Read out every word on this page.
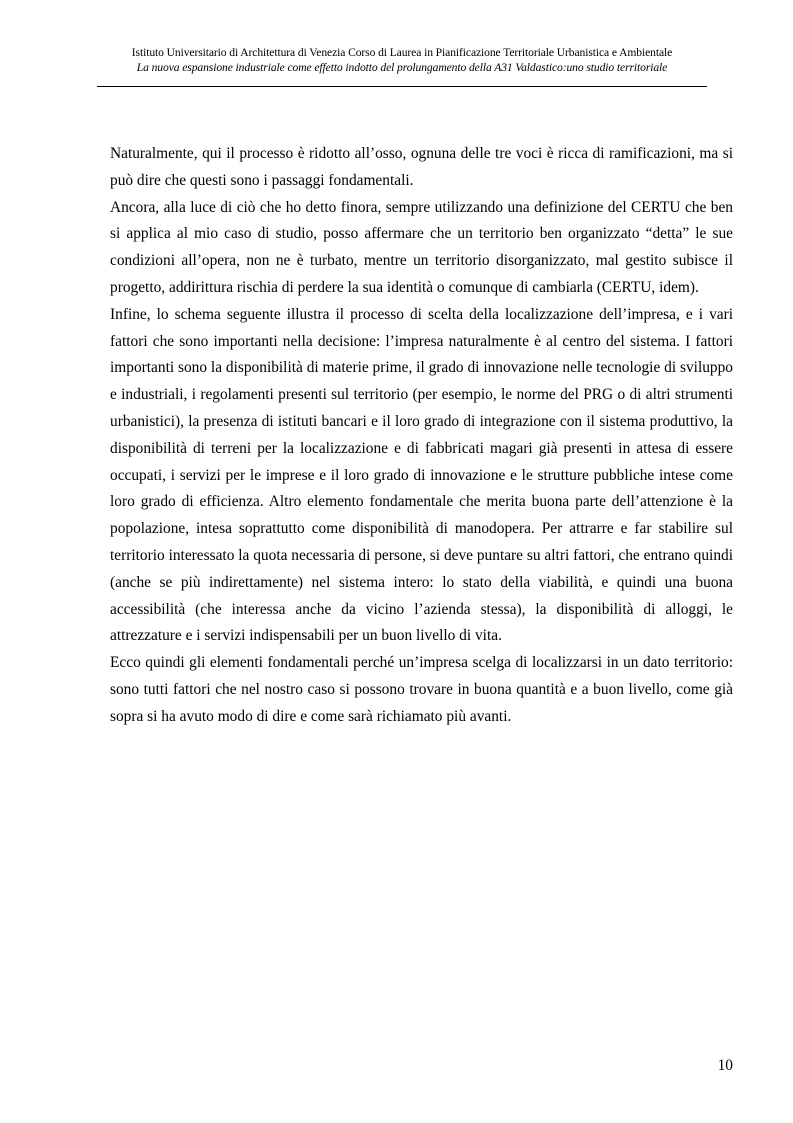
Istituto Universitario di Architettura di Venezia Corso di Laurea in Pianificazione Territoriale Urbanistica e Ambientale
La nuova espansione industriale come effetto indotto del prolungamento della A31 Valdastico:uno studio territoriale

Naturalmente, qui il processo è ridotto all’osso, ognuna delle tre voci è ricca di ramificazioni, ma si può dire che questi sono i passaggi fondamentali.

Ancora, alla luce di ciò che ho detto finora, sempre utilizzando una definizione del CERTU che ben si applica al mio caso di studio, posso affermare che un territorio ben organizzato “detta” le sue condizioni all’opera, non ne è turbato, mentre un territorio disorganizzato, mal gestito subisce il progetto, addirittura rischia di perdere la sua identità o comunque di cambiarla (CERTU, idem).

Infine, lo schema seguente illustra il processo di scelta della localizzazione dell’impresa, e i vari fattori che sono importanti nella decisione: l’impresa naturalmente è al centro del sistema. I fattori importanti sono la disponibilità di materie prime, il grado di innovazione nelle tecnologie di sviluppo e industriali, i regolamenti presenti sul territorio (per esempio, le norme del PRG o di altri strumenti urbanistici), la presenza di istituti bancari e il loro grado di integrazione con il sistema produttivo, la disponibilità di terreni per la localizzazione e di fabbricati magari già presenti in attesa di essere occupati, i servizi per le imprese e il loro grado di innovazione e le strutture pubbliche intese come loro grado di efficienza. Altro elemento fondamentale che merita buona parte dell’attenzione è la popolazione, intesa soprattutto come disponibilità di manodopera. Per attrarre e far stabilire sul territorio interessato la quota necessaria di persone, si deve puntare su altri fattori, che entrano quindi (anche se più indirettamente) nel sistema intero: lo stato della viabilità, e quindi una buona accessibilità (che interessa anche da vicino l’azienda stessa), la disponibilità di alloggi, le attrezzature e i servizi indispensabili per un buon livello di vita.

Ecco quindi gli elementi fondamentali perché un’impresa scelga di localizzarsi in un dato territorio: sono tutti fattori che nel nostro caso si possono trovare in buona quantità e a buon livello, come già sopra si ha avuto modo di dire e come sarà richiamato più avanti.

10
